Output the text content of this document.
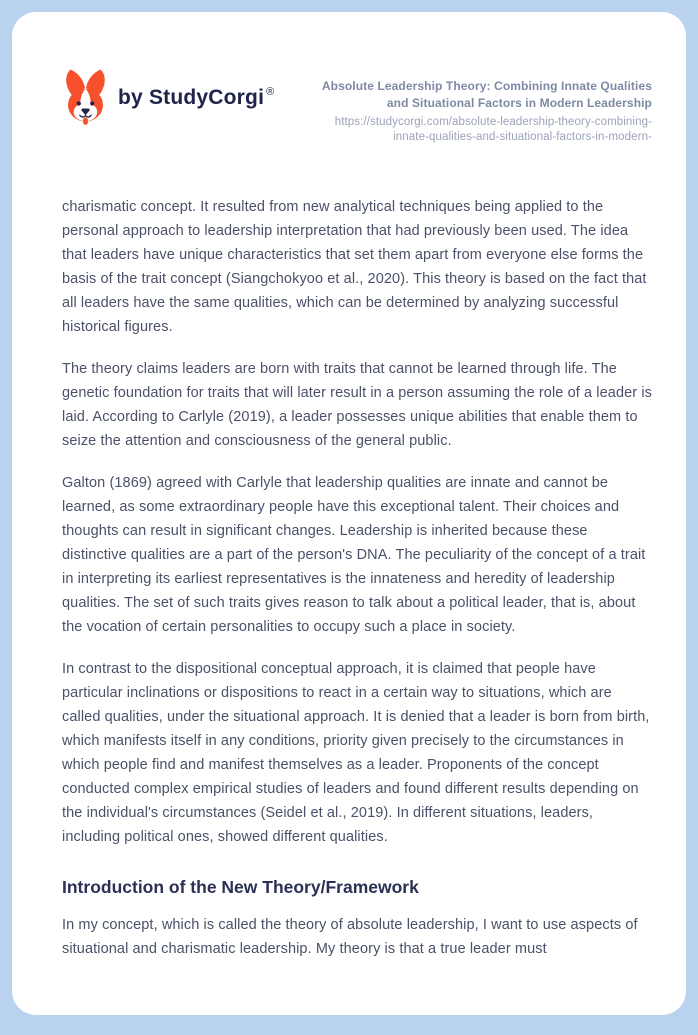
by StudyCorgi ®	Absolute Leadership Theory: Combining Innate Qualities
and Situational Factors in Modern Leadership
https://studycorgi.com/absolute-leadership-theory-combining-
innate-qualities-and-situational-factors-in-modern-

charismatic concept. It resulted from new analytical techniques being applied to the personal approach to leadership interpretation that had previously been used. The idea that leaders have unique characteristics that set them apart from everyone else forms the basis of the trait concept (Siangchokyoo et al., 2020). This theory is based on the fact that all leaders have the same qualities, which can be determined by analyzing successful historical figures.

The theory claims leaders are born with traits that cannot be learned through life. The genetic foundation for traits that will later result in a person assuming the role of a leader is laid. According to Carlyle (2019), a leader possesses unique abilities that enable them to seize the attention and consciousness of the general public.

Galton (1869) agreed with Carlyle that leadership qualities are innate and cannot be learned, as some extraordinary people have this exceptional talent. Their choices and thoughts can result in significant changes. Leadership is inherited because these distinctive qualities are a part of the person's DNA. The peculiarity of the concept of a trait in interpreting its earliest representatives is the innateness and heredity of leadership qualities. The set of such traits gives reason to talk about a political leader, that is, about the vocation of certain personalities to occupy such a place in society.

In contrast to the dispositional conceptual approach, it is claimed that people have particular inclinations or dispositions to react in a certain way to situations, which are called qualities, under the situational approach. It is denied that a leader is born from birth, which manifests itself in any conditions, priority given precisely to the circumstances in which people find and manifest themselves as a leader. Proponents of the concept conducted complex empirical studies of leaders and found different results depending on the individual's circumstances (Seidel et al., 2019). In different situations, leaders, including political ones, showed different qualities.

Introduction of the New Theory/Framework

In my concept, which is called the theory of absolute leadership, I want to use aspects of situational and charismatic leadership. My theory is that a true leader must
